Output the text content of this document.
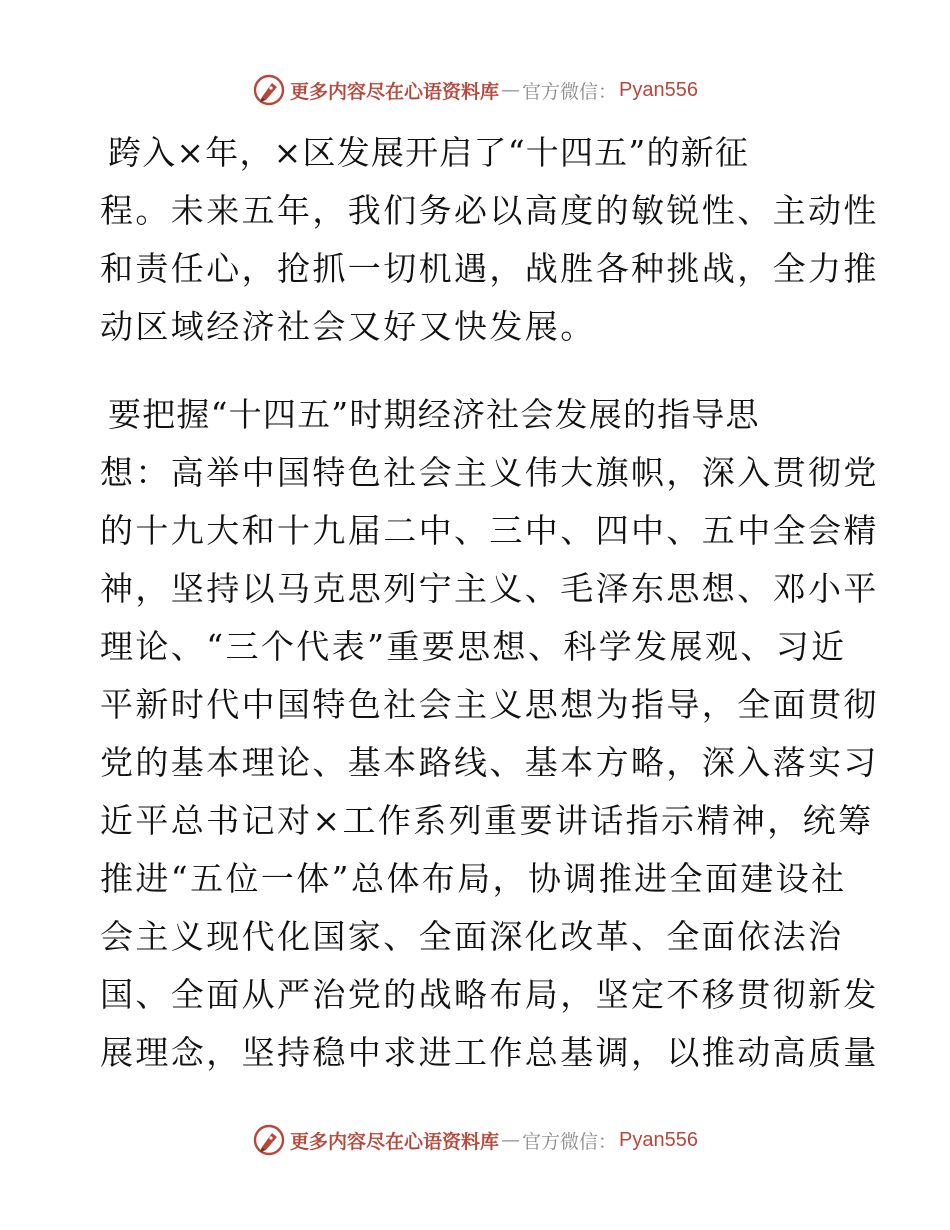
更多内容尽在心语资料库 — 官方微信： Pyan556
跨入×年，×区发展开启了“十四五”的新征
程。未来五年，我们务必以高度的敏锐性、主动性
和责任心，抢抓一切机遇，战胜各种挑战，全力推
动区域经济社会又好又快发展。
要把握“十四五”时期经济社会发展的指导思
想：高举中国特色社会主义伟大旗帜，深入贯彻党
的十九大和十九届二中、三中、四中、五中全会精
神，坚持以马克思列宁主义、毛泽东思想、邓小平
理论、“三个代表”重要思想、科学发展观、习近
平新时代中国特色社会主义思想为指导，全面贯彻
党的基本理论、基本路线、基本方略，深入落实习
近平总书记对×工作系列重要讲话指示精神，统筹
推进“五位一体”总体布局，协调推进全面建设社
会主义现代化国家、全面深化改革、全面依法治
国、全面从严治党的战略布局，坚定不移贯彻新发
展理念，坚持稳中求进工作总基调，以推动高质量
更多内容尽在心语资料库 — 官方微信： Pyan556
